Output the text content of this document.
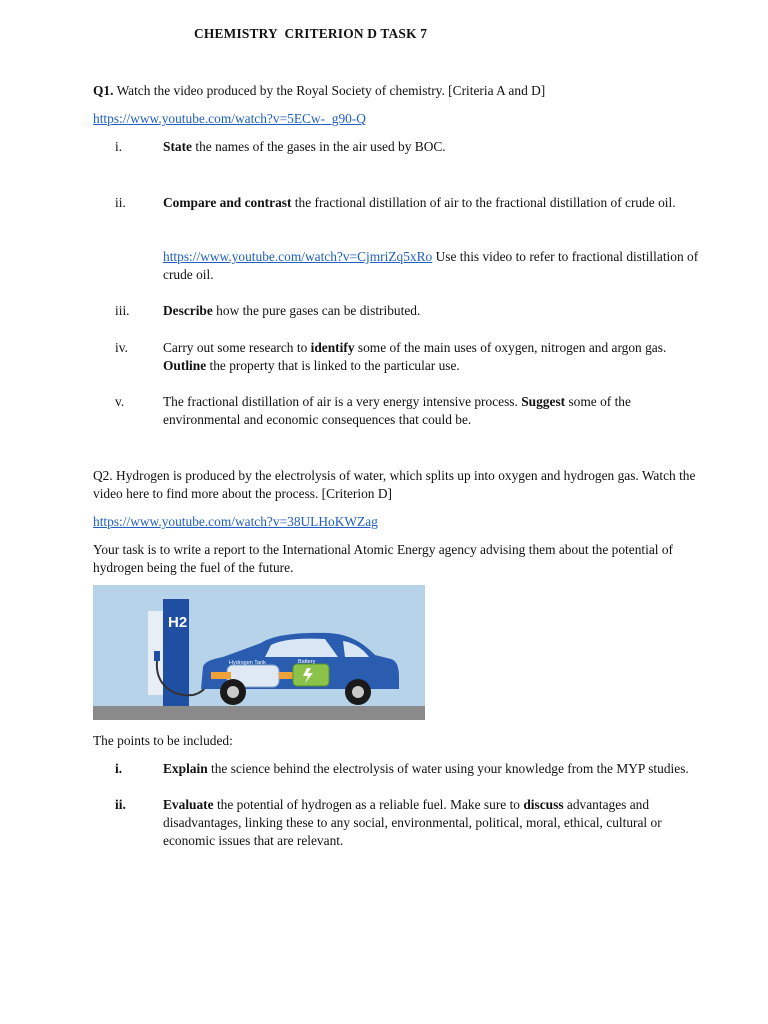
CHEMISTRY  CRITERION D TASK 7
Q1. Watch the video produced by the Royal Society of chemistry. [Criteria A and D]
https://www.youtube.com/watch?v=5ECw-_g90-Q
i.	State the names of the gases in the air used by BOC.
ii.	Compare and contrast the fractional distillation of air to the fractional distillation of crude oil.
https://www.youtube.com/watch?v=CjmriZq5xRo Use this video to refer to fractional distillation of crude oil.
iii.	Describe how the pure gases can be distributed.
iv.	Carry out some research to identify some of the main uses of oxygen, nitrogen and argon gas. Outline the property that is linked to the particular use.
v.	The fractional distillation of air is a very energy intensive process. Suggest some of the environmental and economic consequences that could be.
Q2. Hydrogen is produced by the electrolysis of water, which splits up into oxygen and hydrogen gas. Watch the video here to find more about the process. [Criterion D]
https://www.youtube.com/watch?v=38ULHoKWZag
Your task is to write a report to the International Atomic Energy agency advising them about the potential of hydrogen being the fuel of the future.
H2
Hydrogen Tank	Battery
The points to be included:
i.	Explain the science behind the electrolysis of water using your knowledge from the MYP studies.
ii.	Evaluate the potential of hydrogen as a reliable fuel. Make sure to discuss advantages and disadvantages, linking these to any social, environmental, political, moral, ethical, cultural or economic issues that are relevant.
